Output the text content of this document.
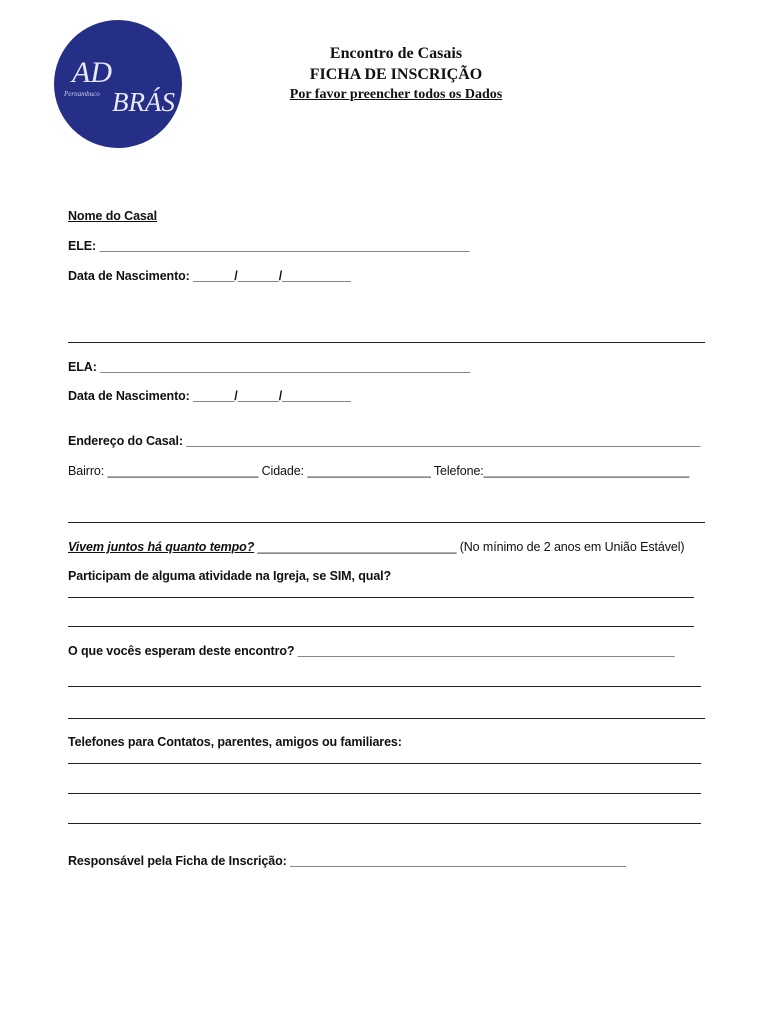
AD
Pernambuco BRÁS
Encontro de Casais
FICHA DE INSCRIÇÃO
Por favor preencher todos os Dados
Nome do Casal
ELE: ______________________________________________________
Data de Nascimento: ______/______/__________
ELA: ______________________________________________________
Data de Nascimento: ______/______/__________
Endereço do Casal: ___________________________________________________________________________
Bairro: ______________________ Cidade: __________________ Telefone:______________________________
Vivem juntos há quanto tempo? _____________________________ (No mínimo de 2 anos em União Estável)
Participam de alguma atividade na Igreja, se SIM, qual?
O que vocês esperam deste encontro? _______________________________________________________
Telefones para Contatos, parentes, amigos ou familiares:
Responsável pela Ficha de Inscrição: _________________________________________________
